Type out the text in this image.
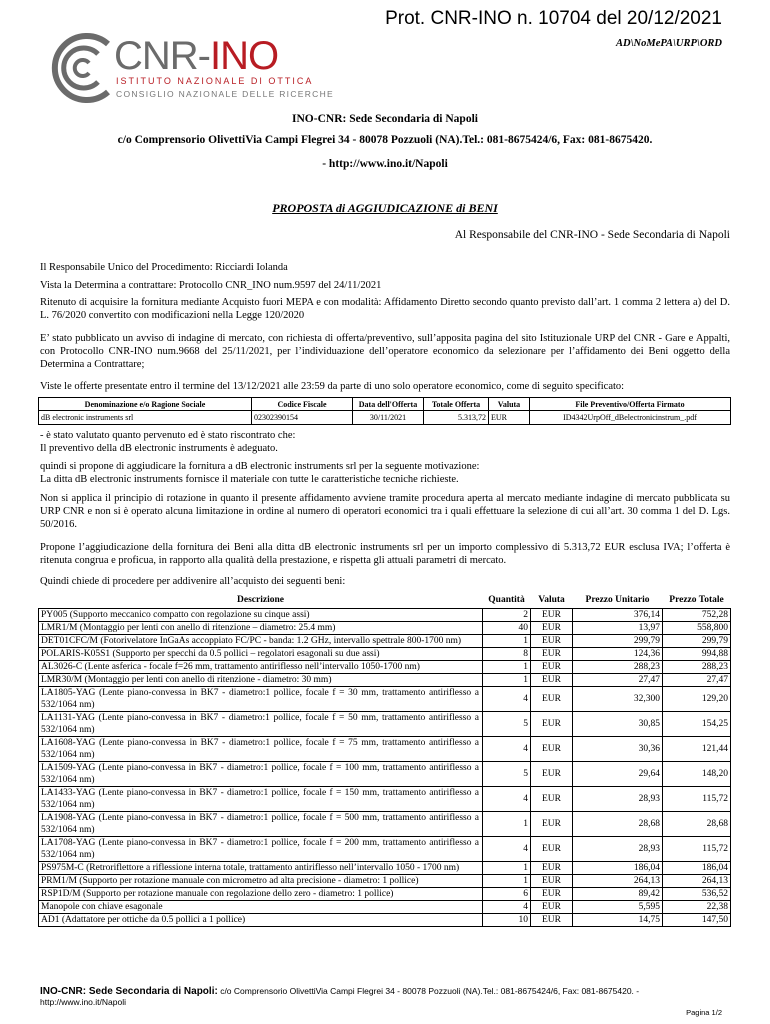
Prot. CNR-INO n. 10704 del 20/12/2021
AD\NoMePA\URP\ORD
CNR-INO
ISTITUTO NAZIONALE DI OTTICA
CONSIGLIO NAZIONALE DELLE RICERCHE
INO-CNR: Sede Secondaria di Napoli
c/o Comprensorio OlivettiVia Campi Flegrei 34 - 80078 Pozzuoli (NA).Tel.: 081-8675424/6, Fax: 081-8675420.
- http://www.ino.it/Napoli
PROPOSTA di AGGIUDICAZIONE di BENI
Al Responsabile del CNR-INO - Sede Secondaria di Napoli
Il Responsabile Unico del Procedimento: Ricciardi Iolanda
Vista la Determina a contrattare: Protocollo CNR_INO num.9597 del 24/11/2021
Ritenuto di acquisire la fornitura mediante Acquisto fuori MEPA e con modalità: Affidamento Diretto secondo quanto previsto dall’art. 1 comma 2 lettera a) del D. L. 76/2020 convertito con modificazioni nella Legge 120/2020
E’ stato pubblicato un avviso di indagine di mercato, con richiesta di offerta/preventivo, sull’apposita pagina del sito Istituzionale URP del CNR - Gare e Appalti, con Protocollo CNR-INO num.9668 del 25/11/2021, per l’individuazione dell’operatore economico da selezionare per l’affidamento dei Beni oggetto della Determina a Contrattare;
Viste le offerte presentate entro il termine del 13/12/2021 alle 23:59 da parte di uno solo operatore economico, come di seguito specificato:
Denominazione e/o Ragione Sociale	Codice Fiscale	Data dell'Offerta	Totale Offerta	Valuta	File Preventivo/Offerta Firmato
dB electronic instruments srl	02302390154	30/11/2021	5.313,72	EUR	ID4342UrpOff_dBelectronicinstrum_.pdf
- è stato valutato quanto pervenuto ed è stato riscontrato che:
Il preventivo della dB electronic instruments è adeguato.
quindi si propone di aggiudicare la fornitura a dB electronic instruments srl per la seguente motivazione:
La ditta dB electronic instruments fornisce il materiale con tutte le caratteristiche tecniche richieste.
Non si applica il principio di rotazione in quanto il presente affidamento avviene tramite procedura aperta al mercato mediante indagine di mercato pubblicata su URP CNR e non si è operato alcuna limitazione in ordine al numero di operatori economici tra i quali effettuare la selezione di cui all’art. 30 comma 1 del D. Lgs. 50/2016.
Propone l’aggiudicazione della fornitura dei Beni alla ditta dB electronic instruments srl per un importo complessivo di 5.313,72 EUR esclusa IVA; l’offerta è ritenuta congrua e proficua, in rapporto alla qualità della prestazione, e rispetta gli attuali parametri di mercato.
Quindi chiede di procedere per addivenire all’acquisto dei seguenti beni:
Descrizione	Quantità	Valuta	Prezzo Unitario	Prezzo Totale
PY005 (Supporto meccanico compatto con regolazione su cinque assi)	2	EUR	376,14	752,28
LMR1/M (Montaggio per lenti con anello di ritenzione – diametro: 25.4 mm)	40	EUR	13,97	558,800
DET01CFC/M (Fotorivelatore InGaAs accoppiato FC/PC - banda: 1.2 GHz, intervallo spettrale 800-1700 nm)	1	EUR	299,79	299,79
POLARIS-K05S1 (Supporto per specchi da 0.5 pollici – regolatori esagonali su due assi)	8	EUR	124,36	994,88
AL3026-C (Lente asferica - focale f=26 mm, trattamento antiriflesso nell’intervallo 1050-1700 nm)	1	EUR	288,23	288,23
LMR30/M (Montaggio per lenti con anello di ritenzione - diametro: 30 mm)	1	EUR	27,47	27,47
LA1805-YAG (Lente piano-convessa in BK7 - diametro:1 pollice, focale f = 30 mm, trattamento antiriflesso a 532/1064 nm)	4	EUR	32,300	129,20
LA1131-YAG (Lente piano-convessa in BK7 - diametro:1 pollice, focale f = 50 mm, trattamento antiriflesso a 532/1064 nm)	5	EUR	30,85	154,25
LA1608-YAG (Lente piano-convessa in BK7 - diametro:1 pollice, focale f = 75 mm, trattamento antiriflesso a 532/1064 nm)	4	EUR	30,36	121,44
LA1509-YAG (Lente piano-convessa in BK7 - diametro:1 pollice, focale f = 100 mm, trattamento antiriflesso a 532/1064 nm)	5	EUR	29,64	148,20
LA1433-YAG (Lente piano-convessa in BK7 - diametro:1 pollice, focale f = 150 mm, trattamento antiriflesso a 532/1064 nm)	4	EUR	28,93	115,72
LA1908-YAG (Lente piano-convessa in BK7 - diametro:1 pollice, focale f = 500 mm, trattamento antiriflesso a 532/1064 nm)	1	EUR	28,68	28,68
LA1708-YAG (Lente piano-convessa in BK7 - diametro:1 pollice, focale f = 200 mm, trattamento antiriflesso a 532/1064 nm)	4	EUR	28,93	115,72
PS975M-C (Retroriflettore a riflessione interna totale, trattamento antiriflesso nell’intervallo 1050 - 1700 nm)	1	EUR	186,04	186,04
PRM1/M (Supporto per rotazione manuale con micrometro ad alta precisione - diametro: 1 pollice)	1	EUR	264,13	264,13
RSP1D/M (Supporto per rotazione manuale con regolazione dello zero - diametro: 1 pollice)	6	EUR	89,42	536,52
Manopole con chiave esagonale	4	EUR	5,595	22,38
AD1 (Adattatore per ottiche da 0.5 pollici a 1 pollice)	10	EUR	14,75	147,50
INO-CNR: Sede Secondaria di Napoli: c/o Comprensorio OlivettiVia Campi Flegrei 34 - 80078 Pozzuoli (NA).Tel.: 081-8675424/6, Fax: 081-8675420. - http://www.ino.it/Napoli
Pagina 1/2
